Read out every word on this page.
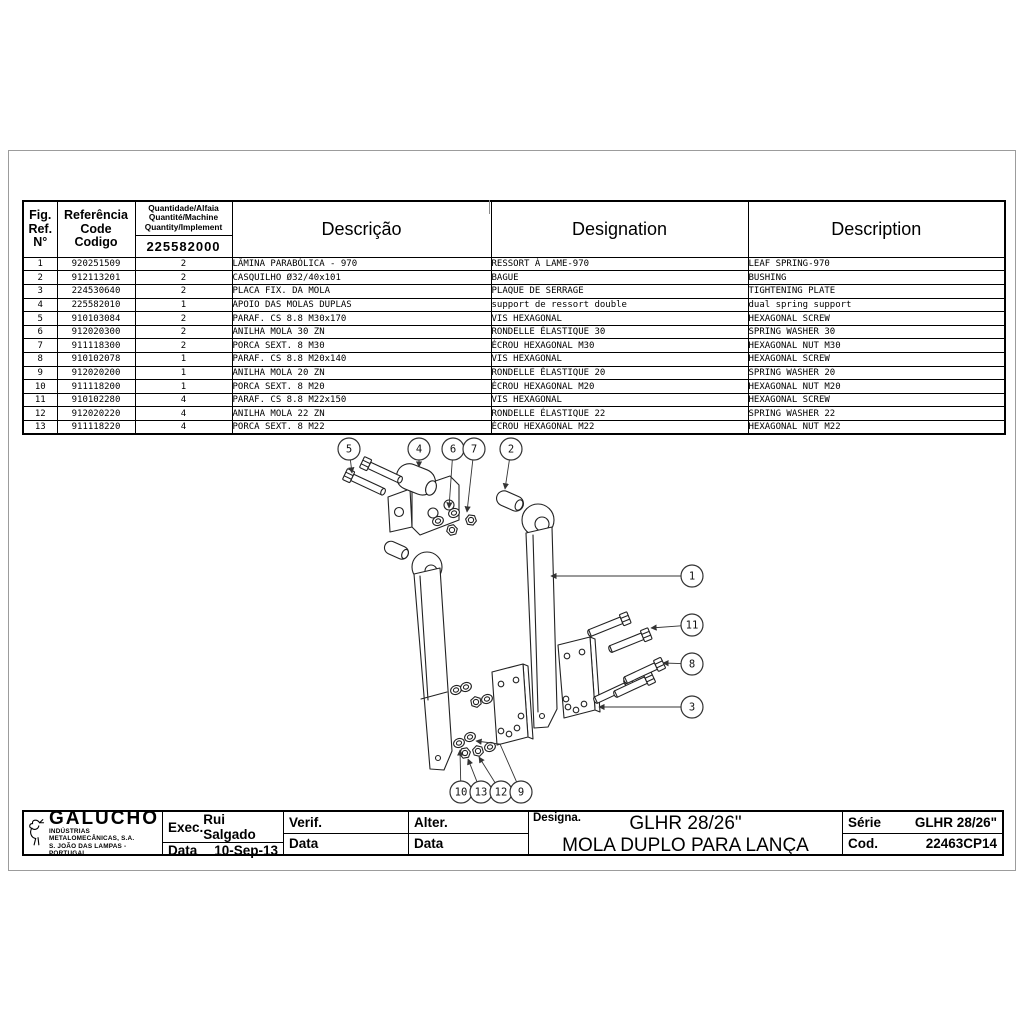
5	4	6 7	2
1
11
8
3
10 13 12 9
Fig.
Ref.
N°

Referência
Code
Codigo

Quantidade/Alfaia
Quantité/Machine
Quantity/Implement
225582000
	Descrição	Designation	Description
1	920251509	2	LÂMINA PARABÓLICA - 970	RESSORT À LAME-970	LEAF SPRING-970
2	912113201	2	CASQUILHO Ø32/40x101	BAGUE	BUSHING
3	224530640	2	PLACA FIX. DA MOLA	PLAQUE DE SERRAGE	TIGHTENING PLATE
4	225582010	1	APOIO DAS MOLAS DUPLAS	support de ressort double	dual spring support
5	910103084	2	PARAF. CS 8.8 M30x170	VIS HEXAGONAL	HEXAGONAL SCREW
6	912020300	2	ANILHA MOLA 30 ZN	RONDELLE ÉLASTIQUE 30	SPRING WASHER 30
7	911118300	2	PORCA SEXT. 8 M30	ÉCROU HEXAGONAL M30	HEXAGONAL NUT M30
8	910102078	1	PARAF. CS 8.8 M20x140	VIS HEXAGONAL	HEXAGONAL SCREW
9	912020200	1	ANILHA MOLA 20 ZN	RONDELLE ÉLASTIQUE 20	SPRING WASHER 20
10	911118200	1	PORCA SEXT. 8 M20	ÉCROU HEXAGONAL M20	HEXAGONAL NUT M20
11	910102280	4	PARAF. CS 8.8 M22x150	VIS HEXAGONAL	HEXAGONAL SCREW
12	912020220	4	ANILHA MOLA 22 ZN	RONDELLE ÉLASTIQUE 22	SPRING WASHER 22
13	911118220	4	PORCA SEXT. 8 M22	ÉCROU HEXAGONAL M22	HEXAGONAL NUT M22
GALUCHO
INDÚSTRIAS METALOMECÂNICAS, S.A.
S. JOÃO DAS LAMPAS - PORTUGAL
Exec. Rui Salgado
Data 10-Sep-13
Verif.
Data
Alter.
Data
Designa.	GLHR 28/26"
MOLA DUPLO PARA LANÇA
Série	GLHR 28/26"
Cod.	22463CP14
